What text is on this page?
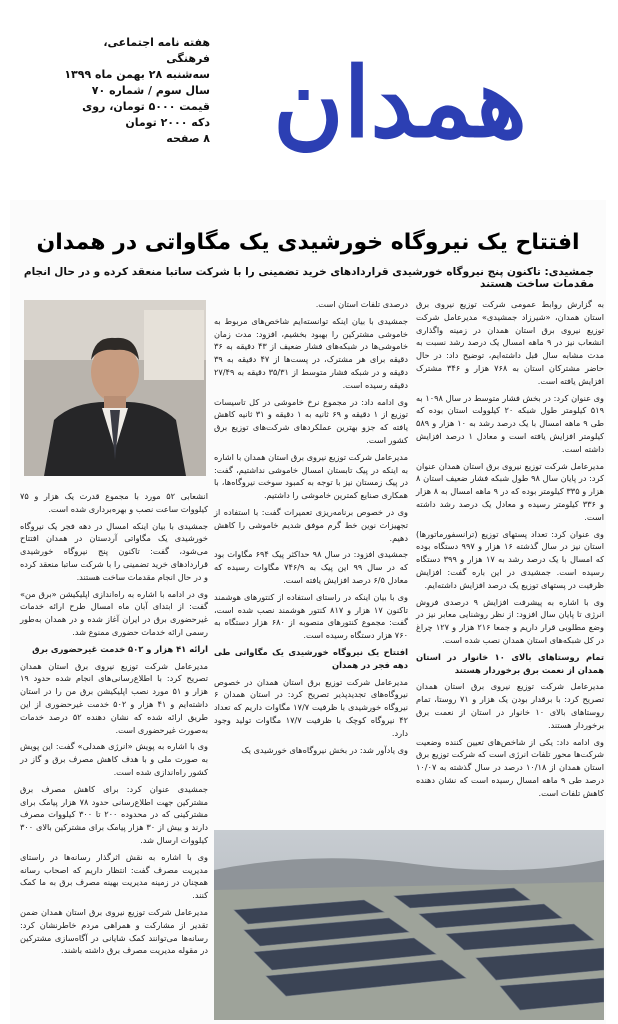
همدان
هفته نامه اجتماعی، فرهنگی
سه‌شنبه ۲۸ بهمن ماه ۱۳۹۹
سال سوم / شماره ۷۰
قیمت ۵۰۰۰ تومان، روی دکه ۲۰۰۰ تومان
۸ صفحه
افتتاح یک نیروگاه خورشیدی یک مگاواتی در همدان
جمشیدی: تاکنون پنج نیروگاه خورشیدی قراردادهای خرید تضمینی را با شرکت ساتبا منعقد کرده و در حال انجام مقدمات ساخت هستند

به گزارش روابط عمومی شرکت توزیع نیروی برق استان همدان، «شیرزاد جمشیدی» مدیرعامل شرکت توزیع نیروی برق استان همدان در زمینه واگذاری انشعاب نیز در ۹ ماهه امسال یک درصد رشد نسبت به مدت مشابه سال قبل داشته‌ایم، توضیح داد: در حال حاضر مشترکان استان به ۷۶۸ هزار و ۳۴۶ مشترک افزایش یافته است.

وی عنوان کرد: در بخش فشار متوسط در سال ۱۰۹۸ به ۵۱۹ کیلومتر طول شبکه ۲۰ کیلوولت استان بوده که طی ۹ ماهه امسال با یک درصد رشد به ۱۰ هزار و ۵۸۹ کیلومتر افزایش یافته است و معادل ۱ درصد افزایش داشته است.

مدیرعامل شرکت توزیع نیروی برق استان همدان عنوان کرد: در پایان سال ۹۸ طول شبکه فشار ضعیف استان ۸ هزار و ۳۳۵ کیلومتر بوده که در ۹ ماهه امسال به ۸ هزار و ۳۳۶ کیلومتر رسیده و معادل یک درصد رشد داشته است.

وی عنوان کرد: تعداد پستهای توزیع (ترانسفورماتورها) استان نیز در سال گذشته ۱۶ هزار و ۹۹۷ دستگاه بوده که امسال با یک درصد رشد به ۱۷ هزار و ۳۹۹ دستگاه رسیده است. جمشیدی در این باره گفت: افزایش ظرفیت در پستهای توزیع یک درصد افزایش داشته‌ایم.

وی با اشاره به پیشرفت افزایش ۹ درصدی فروش انرژی تا پایان سال افزود: از نظر روشنایی معابر نیز در وضع مطلوبی قرار داریم و جمعا ۲۱۶ هزار و ۱۲۷ چراغ در کل شبکه‌های استان همدان نصب شده است.

تمام روستاهای بالای ۱۰ خانوار در استان همدان از نعمت برق برخوردار هستند

مدیرعامل شرکت توزیع نیروی برق استان همدان تصریح کرد: با برقدار بودن یک هزار و ۷۱ روستا، تمام روستاهای بالای ۱۰ خانوار در استان از نعمت برق برخوردار هستند.

وی ادامه داد: یکی از شاخص‌های تعیین کننده وضعیت شرکت‌ها محور تلفات انرژی است که شرکت توزیع برق استان همدان از ۱۰/۱۸ درصد در سال گذشته به ۱۰/۰۷ درصد طی ۹ ماهه امسال رسیده است که نشان دهنده کاهش تلفات است.

درصدی تلفات استان است.

جمشیدی با بیان اینکه توانسته‌ایم شاخص‌های مربوط به خاموشی مشترکین را بهبود بخشیم، افزود: مدت زمان خاموشی‌ها در شبکه‌های فشار ضعیف از ۴۳ دقیقه به ۳۶ دقیقه برای هر مشترک، در پست‌ها از ۴۷ دقیقه به ۳۹ دقیقه و در شبکه فشار متوسط از ۳۵/۳۱ دقیقه به ۲۷/۴۹ دقیقه رسیده است.

وی ادامه داد: در مجموع نرخ خاموشی در کل تاسیسات توزیع از ۱ دقیقه و ۶۹ ثانیه به ۱ دقیقه و ۳۱ ثانیه کاهش یافته که جزو بهترین عملکردهای شرکت‌های توزیع برق کشور است.

مدیرعامل شرکت توزیع نیروی برق استان همدان با اشاره به اینکه در پیک تابستان امسال خاموشی نداشتیم، گفت: در پیک زمستان نیز با توجه به کمبود سوخت نیروگاه‌ها، با همکاری صنایع کمترین خاموشی را داشتیم.

وی در خصوص برنامه‌ریزی تعمیرات گفت: با استفاده از تجهیزات نوین خط گرم موفق شدیم خاموشی را کاهش دهیم.

جمشیدی افزود: در سال ۹۸ حداکثر پیک ۶۹۴ مگاوات بود که در سال ۹۹ این پیک به ۷۴۶/۹ مگاوات رسیده که معادل ۶/۵ درصد افزایش یافته است.

وی با بیان اینکه در راستای استفاده از کنتورهای هوشمند تاکنون ۱۷ هزار و ۸۱۷ کنتور هوشمند نصب شده است، گفت: مجموع کنتورهای منصوبه از ۶۸۰ هزار دستگاه به ۷۶۰ هزار دستگاه رسیده است.

افتتاح یک نیروگاه خورشیدی یک مگاواتی طی دهه فجر در همدان

مدیرعامل شرکت توزیع برق استان همدان در خصوص نیروگاه‌های تجدیدپذیر تصریح کرد: در استان همدان ۶ نیروگاه خورشیدی با ظرفیت ۱۷/۷ مگاوات داریم که تعداد ۴۲ نیروگاه کوچک با ظرفیت ۱۷/۷ مگاوات تولید وجود دارد.

وی یادآور شد: در بخش نیروگاه‌های خورشیدی یک

انشعابی ۵۲ مورد با مجموع قدرت یک هزار و ۷۵ کیلووات ساعت نصب و بهره‌برداری شده است.

جمشیدی با بیان اینکه امسال در دهه فجر یک نیروگاه خورشیدی یک مگاواتی آردستان در همدان افتتاح می‌شود، گفت: تاکنون پنج نیروگاه خورشیدی قراردادهای خرید تضمینی را با شرکت ساتبا منعقد کرده و در حال انجام مقدمات ساخت هستند.

وی در ادامه با اشاره به راه‌اندازی اپلیکیشن «برق من» گفت: از ابتدای آبان ماه امسال طرح ارائه خدمات غیرحضوری برق در ایران آغاز شده و در همدان به‌طور رسمی ارائه خدمات حضوری ممنوع شد.

ارائه ۴۱ هزار و ۵۰۲ خدمت غیرحضوری برق

مدیرعامل شرکت توزیع نیروی برق استان همدان تصریح کرد: با اطلاع‌رسانی‌های انجام شده حدود ۱۹ هزار و ۵۱ مورد نصب اپلیکیشن برق من را در استان داشته‌ایم و ۴۱ هزار و ۵۰۲ خدمت غیرحضوری از این طریق ارائه شده که نشان دهنده ۵۲ درصد خدمات به‌صورت غیرحضوری است.

وی با اشاره به پویش «انرژی همدلی» گفت: این پویش به صورت ملی و با هدف کاهش مصرف برق و گاز در کشور راه‌اندازی شده است.

جمشیدی عنوان کرد: برای کاهش مصرف برق مشترکین جهت اطلاع‌رسانی حدود ۷۸ هزار پیامک برای مشترکینی که در محدوده ۲۰۰ تا ۳۰۰ کیلووات مصرف دارند و بیش از ۳۰ هزار پیامک برای مشترکین بالای ۳۰۰ کیلووات ارسال شد.

وی با اشاره به نقش اثرگذار رسانه‌ها در راستای مدیریت مصرف گفت: انتظار داریم که اصحاب رسانه همچنان در زمینه مدیریت بهینه مصرف برق به ما کمک کنند.

مدیرعامل شرکت توزیع نیروی برق استان همدان ضمن تقدیر از مشارکت و همراهی مردم خاطرنشان کرد: رسانه‌ها می‌توانند کمک شایانی در آگاه‌سازی مشترکین در مقوله مدیریت مصرف برق داشته باشند.
